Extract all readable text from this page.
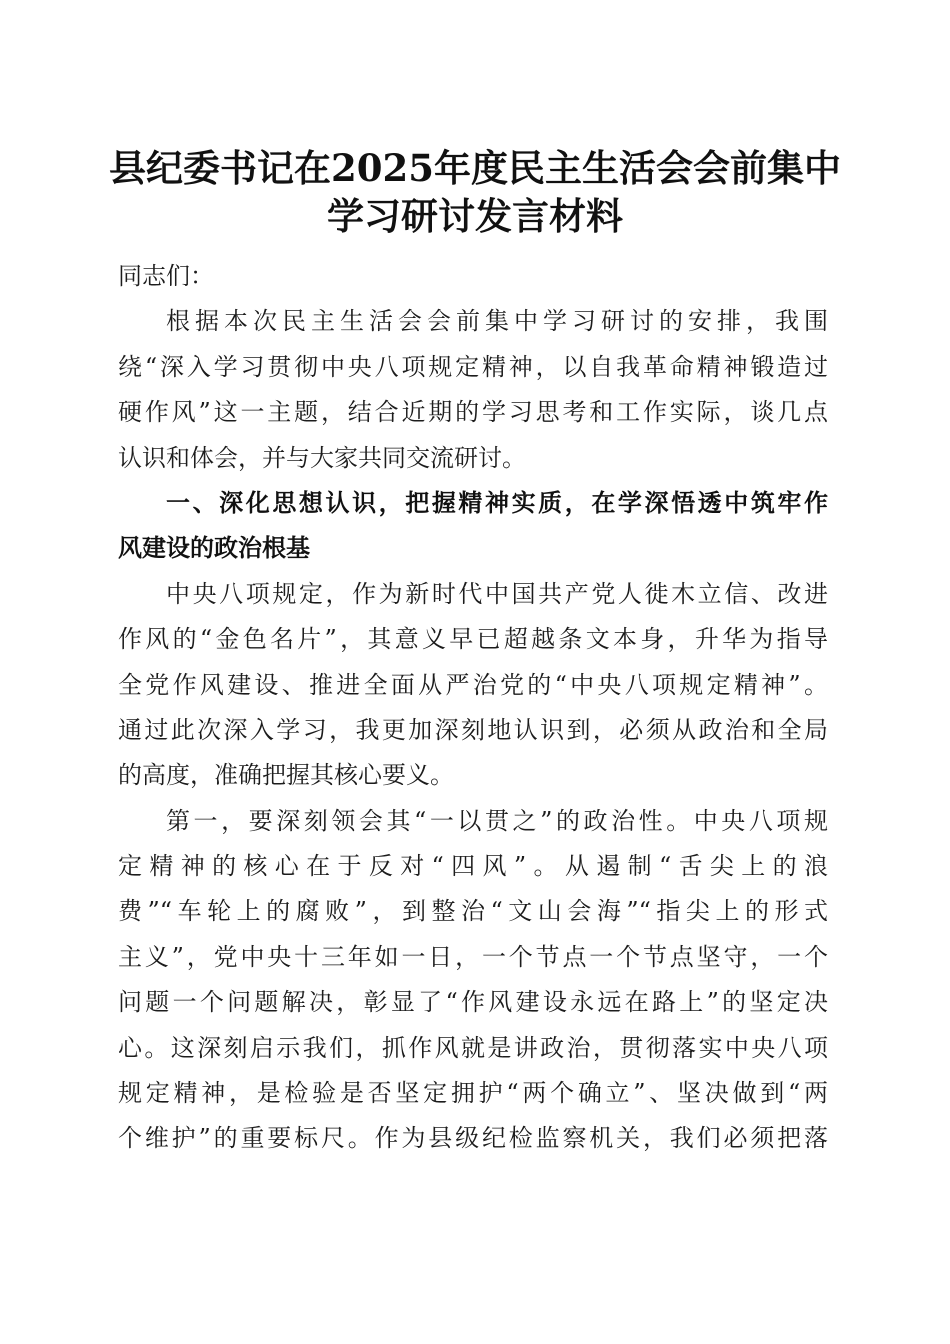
县纪委书记在2025年度民主生活会会前集中
学习研讨发言材料
同志们：
根据本次民主生活会会前集中学习研讨的安排，我围
绕“深入学习贯彻中央八项规定精神，以自我革命精神锻造过
硬作风”这一主题，结合近期的学习思考和工作实际，谈几点
认识和体会，并与大家共同交流研讨。
一、深化思想认识，把握精神实质，在学深悟透中筑牢作
风建设的政治根基
中央八项规定，作为新时代中国共产党人徙木立信、改进
作风的“金色名片”，其意义早已超越条文本身，升华为指导
全党作风建设、推进全面从严治党的“中央八项规定精神”。
通过此次深入学习，我更加深刻地认识到，必须从政治和全局
的高度，准确把握其核心要义。
第一，要深刻领会其“一以贯之”的政治性。中央八项规
定精神的核心在于反对“四风”。从遏制“舌尖上的浪
费”“车轮上的腐败”，到整治“文山会海”“指尖上的形式
主义”，党中央十三年如一日，一个节点一个节点坚守，一个
问题一个问题解决，彰显了“作风建设永远在路上”的坚定决
心。这深刻启示我们，抓作风就是讲政治，贯彻落实中央八项
规定精神，是检验是否坚定拥护“两个确立”、坚决做到“两
个维护”的重要标尺。作为县级纪检监察机关，我们必须把落
